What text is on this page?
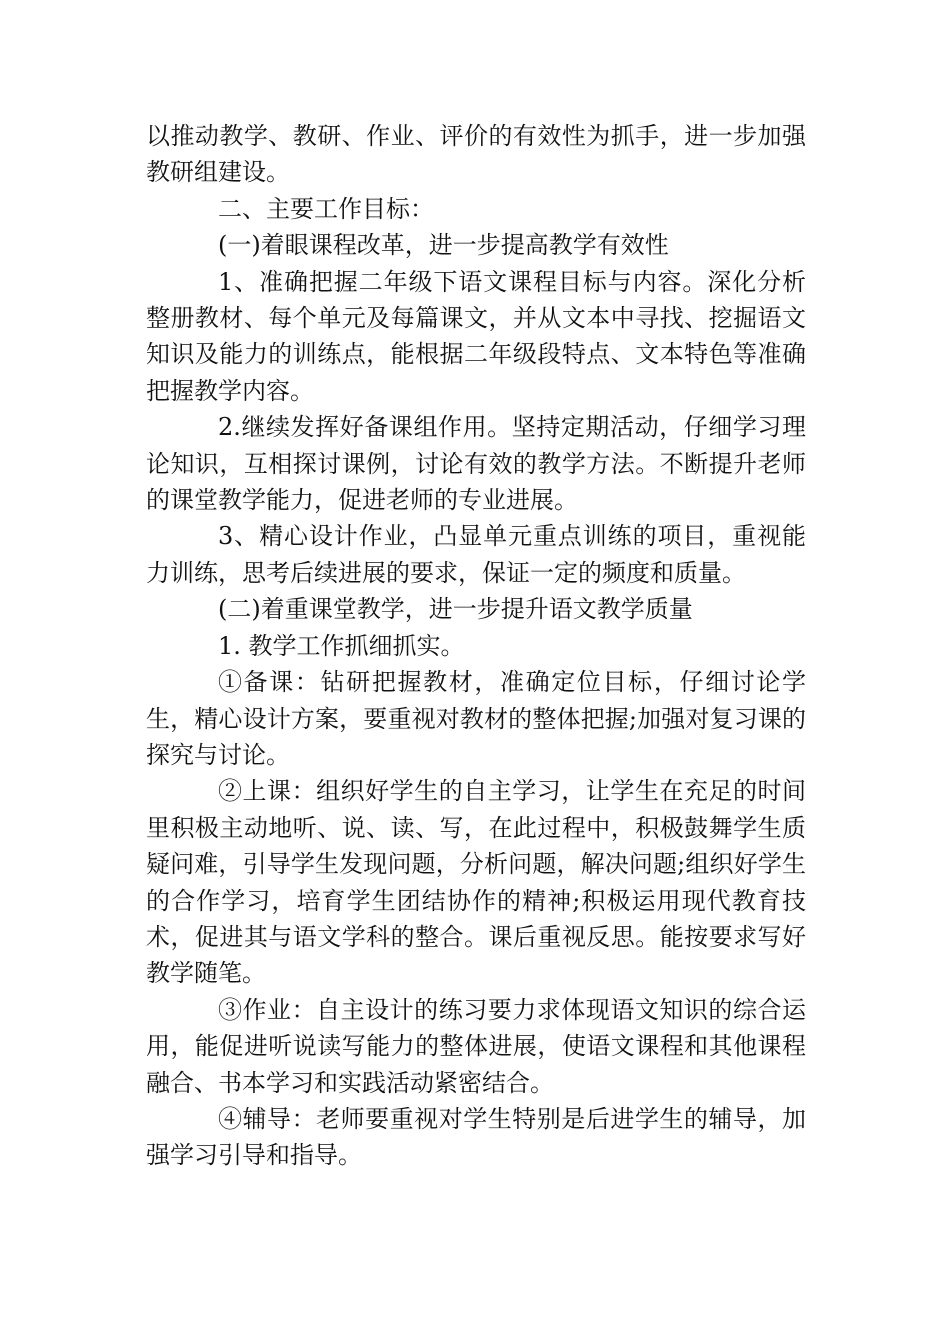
以推动教学、教研、作业、评价的有效性为抓手，进一步加强教研组建设。

二、主要工作目标：

(一)着眼课程改革，进一步提高教学有效性

1、准确把握二年级下语文课程目标与内容。深化分析整册教材、每个单元及每篇课文，并从文本中寻找、挖掘语文知识及能力的训练点，能根据二年级段特点、文本特色等准确把握教学内容。

2.继续发挥好备课组作用。坚持定期活动，仔细学习理论知识，互相探讨课例，讨论有效的教学方法。不断提升老师的课堂教学能力，促进老师的专业进展。

3、精心设计作业，凸显单元重点训练的项目，重视能力训练，思考后续进展的要求，保证一定的频度和质量。

(二)着重课堂教学，进一步提升语文教学质量

1. 教学工作抓细抓实。

①备课：钻研把握教材，准确定位目标，仔细讨论学生，精心设计方案，要重视对教材的整体把握;加强对复习课的探究与讨论。

②上课：组织好学生的自主学习，让学生在充足的时间里积极主动地听、说、读、写，在此过程中，积极鼓舞学生质疑问难，引导学生发现问题，分析问题，解决问题;组织好学生的合作学习，培育学生团结协作的精神;积极运用现代教育技术，促进其与语文学科的整合。课后重视反思。能按要求写好教学随笔。

③作业：自主设计的练习要力求体现语文知识的综合运用，能促进听说读写能力的整体进展，使语文课程和其他课程融合、书本学习和实践活动紧密结合。

④辅导：老师要重视对学生特别是后进学生的辅导，加强学习引导和指导。
